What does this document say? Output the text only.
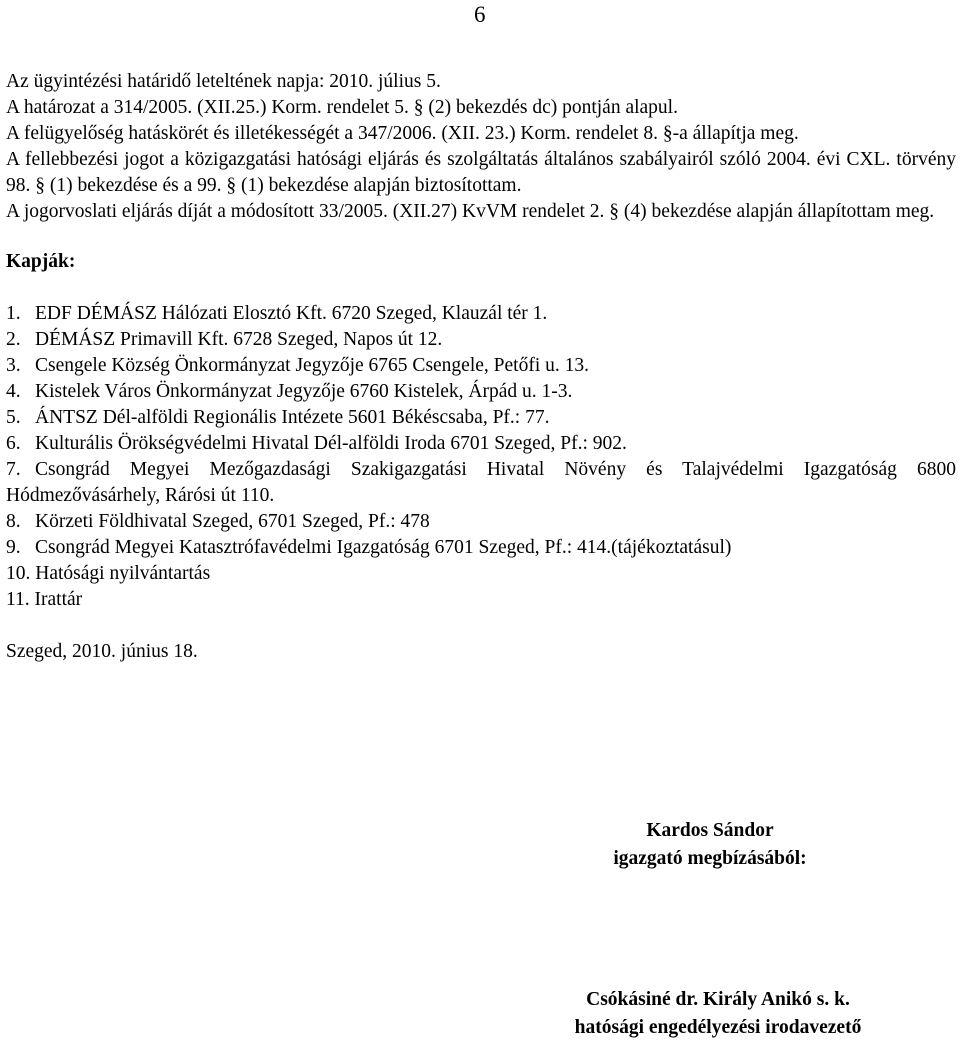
6

Az ügyintézési határidő leteltének napja: 2010. július 5.

A határozat a 314/2005. (XII.25.) Korm. rendelet 5. § (2) bekezdés dc) pontján alapul.

A felügyelőség hatáskörét és illetékességét a 347/2006. (XII. 23.) Korm. rendelet 8. §-a állapítja meg.

A fellebbezési jogot a közigazgatási hatósági eljárás és szolgáltatás általános szabályairól szóló 2004. évi CXL. törvény 98. § (1) bekezdése és a 99. § (1) bekezdése alapján biztosítottam.

A jogorvoslati eljárás díját a módosított 33/2005. (XII.27) KvVM rendelet 2. § (4) bekezdése alapján állapítottam meg.

Kapják:

1. EDF DÉMÁSZ Hálózati Elosztó Kft. 6720 Szeged, Klauzál tér 1.
2. DÉMÁSZ Primavill Kft. 6728 Szeged, Napos út 12.
3. Csengele Község Önkormányzat Jegyzője 6765 Csengele, Petőfi u. 13.
4. Kistelek Város Önkormányzat Jegyzője 6760 Kistelek, Árpád u. 1-3.
5. ÁNTSZ Dél-alföldi Regionális Intézete 5601 Békéscsaba, Pf.: 77.
6. Kulturális Örökségvédelmi Hivatal Dél-alföldi Iroda 6701 Szeged, Pf.: 902.
7. Csongrád Megyei Mezőgazdasági Szakigazgatási Hivatal Növény és Talajvédelmi Igazgatóság 6800 Hódmezővásárhely, Rárósi út 110.
8. Körzeti Földhivatal Szeged, 6701 Szeged, Pf.: 478
9. Csongrád Megyei Katasztrófavédelmi Igazgatóság 6701 Szeged, Pf.: 414.(tájékoztatásul)
10. Hatósági nyilvántartás
11. Irattár

Szeged, 2010. június 18.

Kardos Sándor
igazgató megbízásából:
Csókásiné dr. Király Anikó s. k.
hatósági engedélyezési irodavezető
